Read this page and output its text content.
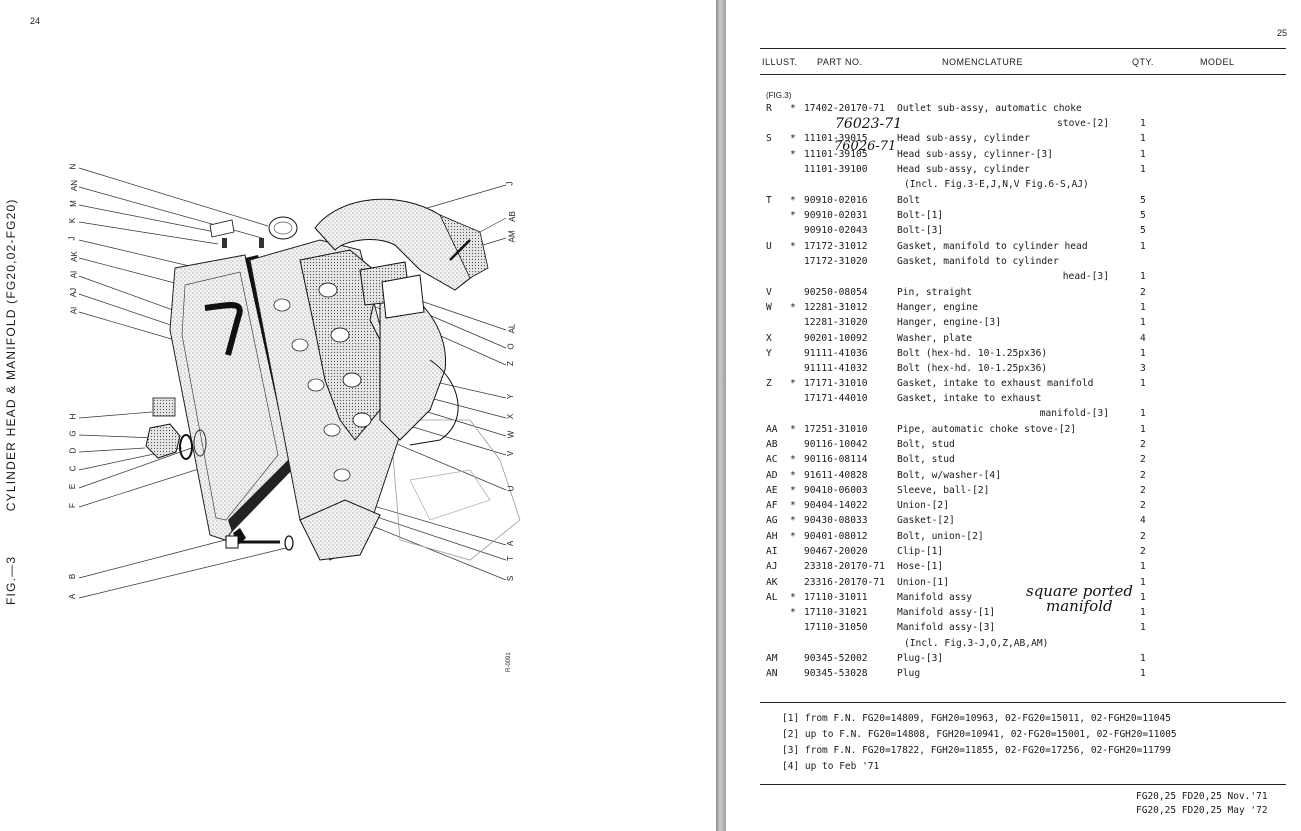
24
FIG.—3 CYLINDER HEAD & MANIFOLD (FG20,02-FG20)
N
AN
M
K
J
AK
AI
AJ
AI
H
G
D
C
E
F
B
A
J
AB
AM
AL
O
Z
Y
X
W
V
U
A
T
S
R-0091
25
ILLUST. PART NO.	NOMENCLATURE	QTY.	MODEL
(FIG.3)
R * 17402-20170-71 Outlet sub-assy, automatic choke
stove-[2]	1
S * 11101-39015	Head sub-assy, cylinder	1
* 11101-39105	Head sub-assy, cylinner-[3]	1
11101-39100	Head sub-assy, cylinder	1
(Incl. Fig.3-E,J,N,V Fig.6-S,AJ)
T * 90910-02016	Bolt	5
* 90910-02031	Bolt-[1]	5
90910-02043	Bolt-[3]	5
U * 17172-31012	Gasket, manifold to cylinder head	1
17172-31020	Gasket, manifold to cylinder
head-[3]	1
V	90250-08054	Pin, straight	2
W * 12281-31012	Hanger, engine	1
12281-31020	Hanger, engine-[3]	1
X	90201-10092	Washer, plate	4
Y	91111-41036	Bolt (hex-hd. 10-1.25px36)	1
91111-41032	Bolt (hex-hd. 10-1.25px36)	3
Z * 17171-31010	Gasket, intake to exhaust manifold	1
17171-44010	Gasket, intake to exhaust
manifold-[3]	1
AA * 17251-31010	Pipe, automatic choke stove-[2]	1
AB	90116-10042	Bolt, stud	2
AC * 90116-08114	Bolt, stud	2
AD * 91611-40828	Bolt, w/washer-[4]	2
AE * 90410-06003	Sleeve, ball-[2]	2
AF * 90404-14022	Union-[2]	2
AG * 90430-08033	Gasket-[2]	4
AH * 90401-08012	Bolt, union-[2]	2
AI	90467-20020	Clip-[1]	2
AJ	23318-20170-71 Hose-[1]	1
AK	23316-20170-71 Union-[1]	1
AL * 17110-31011	Manifold assy	1
* 17110-31021	Manifold assy-[1]	1
17110-31050	Manifold assy-[3]	1
(Incl. Fig.3-J,O,Z,AB,AM)
AM	90345-52002	Plug-[3]	1
AN	90345-53028	Plug	1
76023-71
76026-71
square ported
manifold
[1] from F.N. FG20=14809, FGH20=10963, 02-FG20=15011, 02-FGH20=11045
[2] up to F.N. FG20=14808, FGH20=10941, 02-FG20=15001, 02-FGH20=11005
[3] from F.N. FG20=17822, FGH20=11855, 02-FG20=17256, 02-FGH20=11799
[4] up to Feb '71
FG20,25 FD20,25 Nov.'71
FG20,25 FD20,25 May '72
